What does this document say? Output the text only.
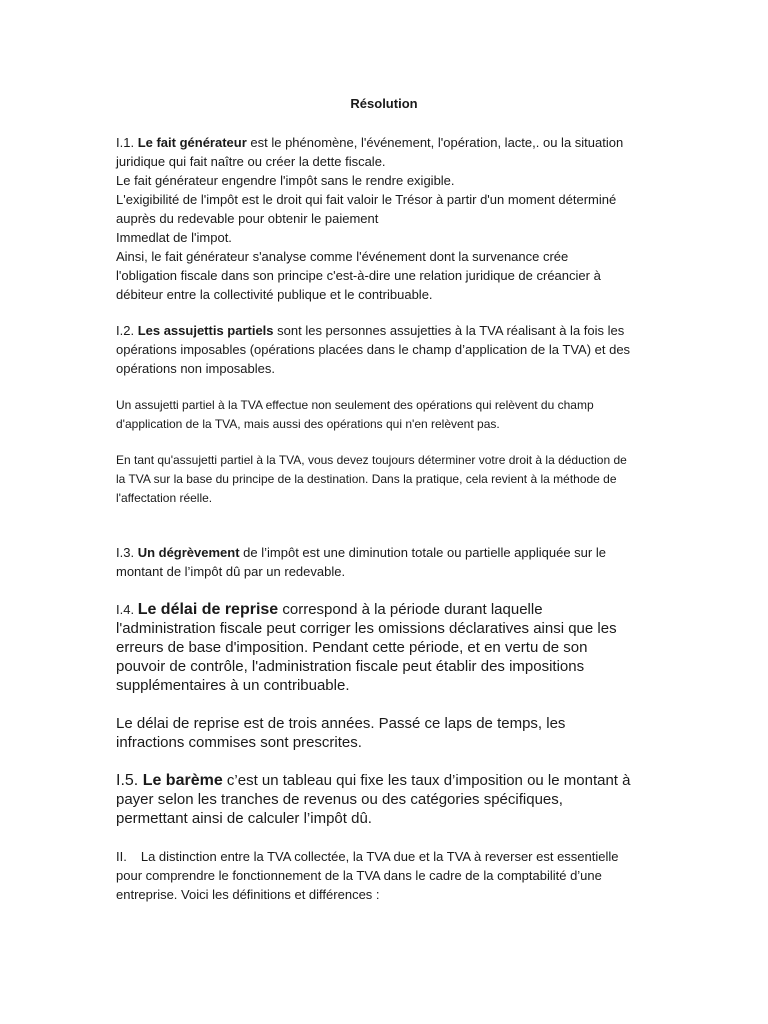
Résolution
I.1. Le fait générateur est le phénomène, l'événement, l'opération, lacte,. ou la situation
juridique qui fait naître ou créer la dette fiscale.
Le fait générateur engendre l'impôt sans le rendre exigible.
L'exigibilité de l'impôt est le droit qui fait valoir le Trésor à partir d'un moment déterminé
auprès du redevable pour obtenir le paiement
Immedlat de l'impot.
Ainsi, le fait générateur s'analyse comme l'événement dont la survenance crée
l'obligation fiscale dans son principe c'est-à-dire une relation juridique de créancier à
débiteur entre la collectivité publique et le contribuable.
I.2. Les assujettis partiels sont les personnes assujetties à la TVA réalisant à la fois les
opérations imposables (opérations placées dans le champ d’application de la TVA) et des
opérations non imposables.
Un assujetti partiel à la TVA effectue non seulement des opérations qui relèvent du champ
d'application de la TVA, mais aussi des opérations qui n'en relèvent pas.
En tant qu'assujetti partiel à la TVA, vous devez toujours déterminer votre droit à la déduction de
la TVA sur la base du principe de la destination. Dans la pratique, cela revient à la méthode de
l'affectation réelle.
I.3. Un dégrèvement de l’impôt est une diminution totale ou partielle appliquée sur le
montant de l’impôt dû par un redevable.
I.4. Le délai de reprise correspond à la période durant laquelle
l'administration fiscale peut corriger les omissions déclaratives ainsi que les
erreurs de base d'imposition. Pendant cette période, et en vertu de son
pouvoir de contrôle, l'administration fiscale peut établir des impositions
supplémentaires à un contribuable.
Le délai de reprise est de trois années. Passé ce laps de temps, les
infractions commises sont prescrites.
I.5. Le barème c’est un tableau qui fixe les taux d’imposition ou le montant à
payer selon les tranches de revenus ou des catégories spécifiques,
permettant ainsi de calculer l’impôt dû.
II. La distinction entre la TVA collectée, la TVA due et la TVA à reverser est essentielle
pour comprendre le fonctionnement de la TVA dans le cadre de la comptabilité d’une
entreprise. Voici les définitions et différences :
